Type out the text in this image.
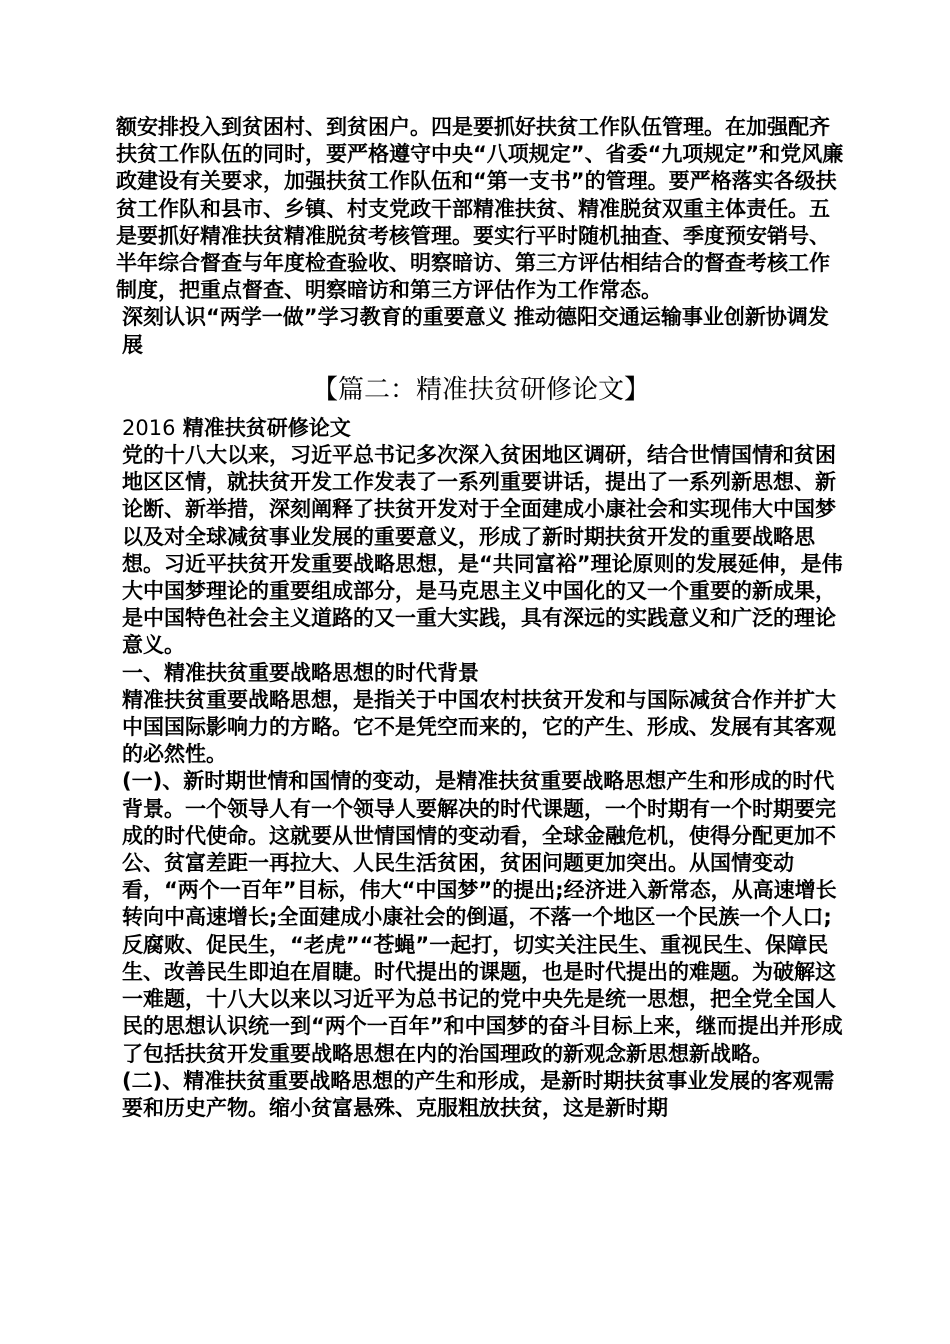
额安排投入到贫困村、到贫困户。四是要抓好扶贫工作队伍管理。在加强配齐扶贫工作队伍的同时，要严格遵守中央“八项规定”、省委“九项规定”和党风廉政建设有关要求，加强扶贫工作队伍和“第一支书”的管理。要严格落实各级扶贫工作队和县市、乡镇、村支党政干部精准扶贫、精准脱贫双重主体责任。五是要抓好精准扶贫精准脱贫考核管理。要实行平时随机抽查、季度预安销号、半年综合督查与年度检查验收、明察暗访、第三方评估相结合的督查考核工作制度，把重点督查、明察暗访和第三方评估作为工作常态。

深刻认识“两学一做”学习教育的重要意义 推动德阳交通运输事业创新协调发展

【篇二：精准扶贫研修论文】

2016 精准扶贫研修论文

党的十八大以来，习近平总书记多次深入贫困地区调研，结合世情国情和贫困地区区情，就扶贫开发工作发表了一系列重要讲话，提出了一系列新思想、新论断、新举措，深刻阐释了扶贫开发对于全面建成小康社会和实现伟大中国梦以及对全球减贫事业发展的重要意义，形成了新时期扶贫开发的重要战略思想。习近平扶贫开发重要战略思想，是“共同富裕”理论原则的发展延伸，是伟大中国梦理论的重要组成部分，是马克思主义中国化的又一个重要的新成果，是中国特色社会主义道路的又一重大实践，具有深远的实践意义和广泛的理论意义。

一、精准扶贫重要战略思想的时代背景

精准扶贫重要战略思想，是指关于中国农村扶贫开发和与国际减贫合作并扩大中国国际影响力的方略。它不是凭空而来的，它的产生、形成、发展有其客观的必然性。

(一)、新时期世情和国情的变动，是精准扶贫重要战略思想产生和形成的时代背景。一个领导人有一个领导人要解决的时代课题，一个时期有一个时期要完成的时代使命。这就要从世情国情的变动看，全球金融危机，使得分配更加不公、贫富差距一再拉大、人民生活贫困，贫困问题更加突出。从国情变动看，“两个一百年”目标，伟大“中国梦”的提出;经济进入新常态，从高速增长转向中高速增长;全面建成小康社会的倒逼，不落一个地区一个民族一个人口;反腐败、促民生，“老虎”“苍蝇”一起打，切实关注民生、重视民生、保障民生、改善民生即迫在眉睫。时代提出的课题，也是时代提出的难题。为破解这一难题，十八大以来以习近平为总书记的党中央先是统一思想，把全党全国人民的思想认识统一到“两个一百年”和中国梦的奋斗目标上来，继而提出并形成了包括扶贫开发重要战略思想在内的治国理政的新观念新思想新战略。

(二)、精准扶贫重要战略思想的产生和形成，是新时期扶贫事业发展的客观需要和历史产物。缩小贫富悬殊、克服粗放扶贫，这是新时期
